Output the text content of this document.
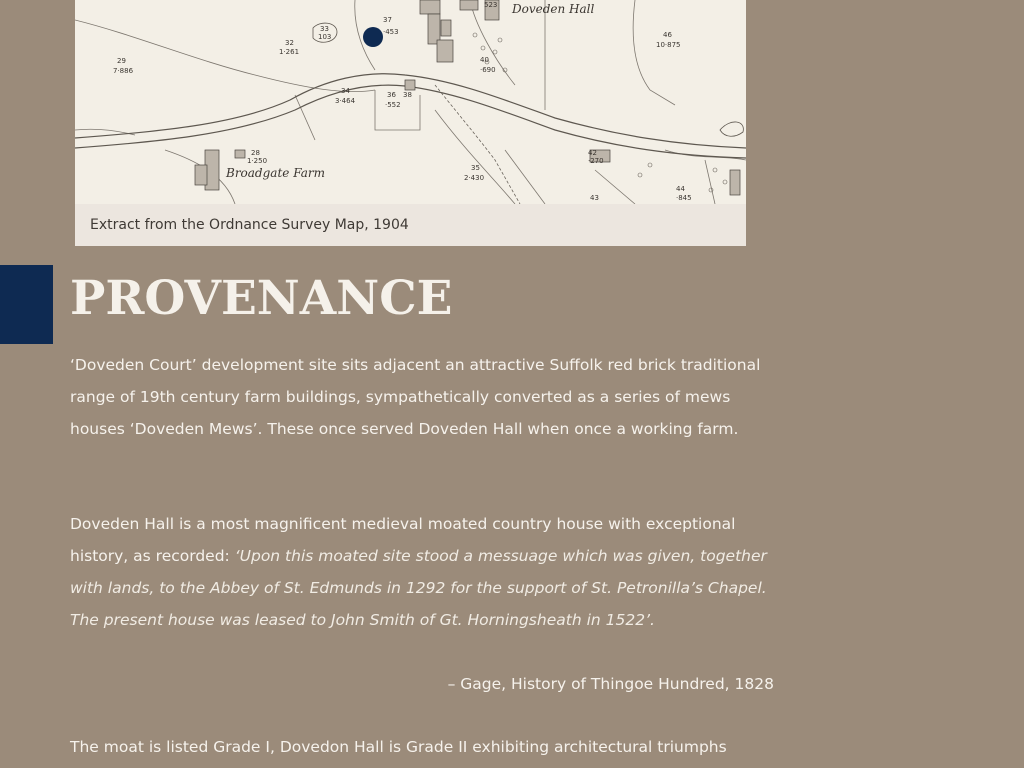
29
7·886
32
1·261
33
103
37
·453
40
·690
46
10·875
34
3·464
36
·552
38
28
1·250
35
2·430
42
·270
43
44
·845
523 Doveden Hall
Broadgate Farm
Extract from the Ordnance Survey Map, 1904
PROVENANCE

‘Doveden Court’ development site sits adjacent an attractive Suffolk red brick traditional range of 19th century farm buildings, sympathetically converted as a series of mews houses ‘Doveden Mews’. These once served Doveden Hall when once a working farm.

Doveden Hall is a most magnificent medieval moated country house with exceptional history, as recorded: ‘Upon this moated site stood a messuage which was given, together with lands, to the Abbey of St. Edmunds in 1292 for the support of St. Petronilla’s Chapel. The present house was leased to John Smith of Gt. Horningsheath in 1522’.

– Gage, History of Thingoe Hundred, 1828

The moat is listed Grade I, Dovedon Hall is Grade II exhibiting architectural triumphs
